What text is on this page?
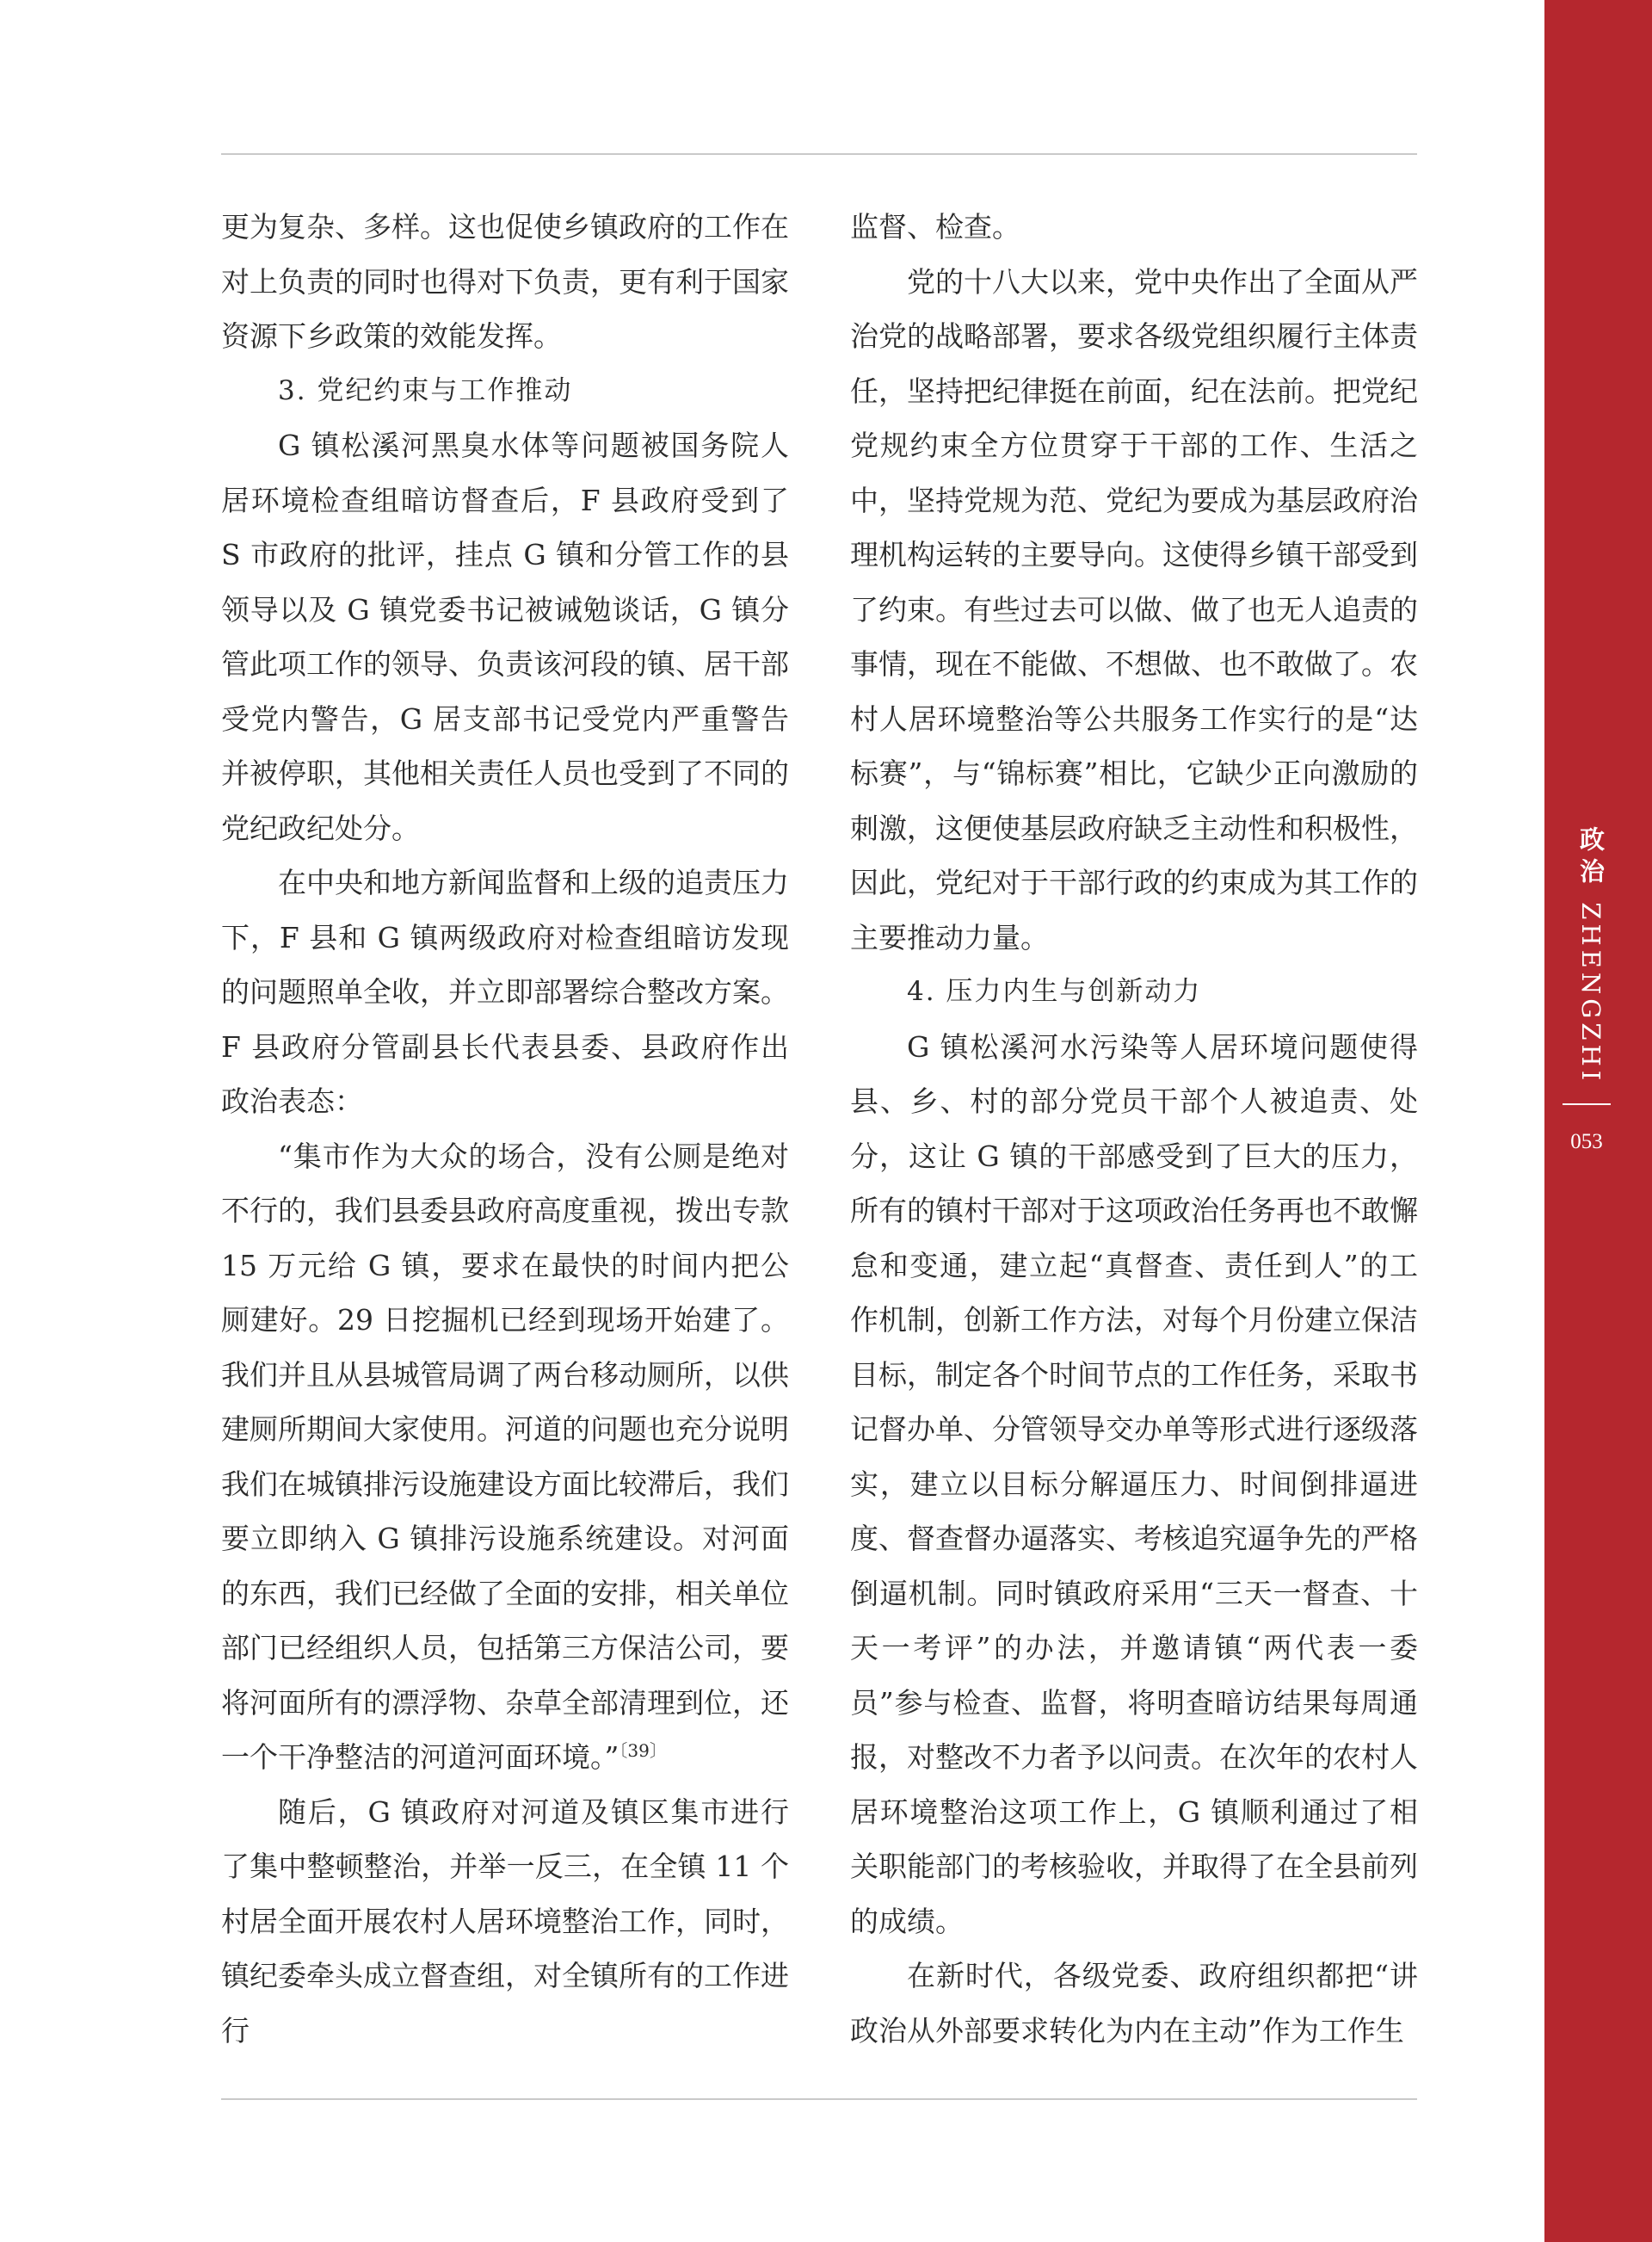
更为复杂、多样。这也促使乡镇政府的工作在对上负责的同时也得对下负责，更有利于国家资源下乡政策的效能发挥。

3. 党纪约束与工作推动

G 镇松溪河黑臭水体等问题被国务院人居环境检查组暗访督查后，F 县政府受到了 S 市政府的批评，挂点 G 镇和分管工作的县领导以及 G 镇党委书记被诫勉谈话，G 镇分管此项工作的领导、负责该河段的镇、居干部受党内警告，G 居支部书记受党内严重警告并被停职，其他相关责任人员也受到了不同的党纪政纪处分。

在中央和地方新闻监督和上级的追责压力下，F 县和 G 镇两级政府对检查组暗访发现的问题照单全收，并立即部署综合整改方案。F 县政府分管副县长代表县委、县政府作出政治表态：

“集市作为大众的场合，没有公厕是绝对不行的，我们县委县政府高度重视，拨出专款 15 万元给 G 镇，要求在最快的时间内把公厕建好。29 日挖掘机已经到现场开始建了。我们并且从县城管局调了两台移动厕所，以供建厕所期间大家使用。河道的问题也充分说明我们在城镇排污设施建设方面比较滞后，我们要立即纳入 G 镇排污设施系统建设。对河面的东西，我们已经做了全面的安排，相关单位部门已经组织人员，包括第三方保洁公司，要将河面所有的漂浮物、杂草全部清理到位，还一个干净整洁的河道河面环境。”$^{〔39〕}$

随后，G 镇政府对河道及镇区集市进行了集中整顿整治，并举一反三，在全镇 11 个村居全面开展农村人居环境整治工作，同时，镇纪委牵头成立督查组，对全镇所有的工作进行

监督、检查。

党的十八大以来，党中央作出了全面从严治党的战略部署，要求各级党组织履行主体责任，坚持把纪律挺在前面，纪在法前。把党纪党规约束全方位贯穿于干部的工作、生活之中，坚持党规为范、党纪为要成为基层政府治理机构运转的主要导向。这使得乡镇干部受到了约束。有些过去可以做、做了也无人追责的事情，现在不能做、不想做、也不敢做了。农村人居环境整治等公共服务工作实行的是“达标赛”，与“锦标赛”相比，它缺少正向激励的刺激，这便使基层政府缺乏主动性和积极性，因此，党纪对于干部行政的约束成为其工作的主要推动力量。

4. 压力内生与创新动力

G 镇松溪河水污染等人居环境问题使得县、乡、村的部分党员干部个人被追责、处分，这让 G 镇的干部感受到了巨大的压力，所有的镇村干部对于这项政治任务再也不敢懈怠和变通，建立起“真督查、责任到人”的工作机制，创新工作方法，对每个月份建立保洁目标，制定各个时间节点的工作任务，采取书记督办单、分管领导交办单等形式进行逐级落实，建立以目标分解逼压力、时间倒排逼进度、督查督办逼落实、考核追究逼争先的严格倒逼机制。同时镇政府采用“三天一督查、十天一考评”的办法，并邀请镇“两代表一委员”参与检查、监督，将明查暗访结果每周通报，对整改不力者予以问责。在次年的农村人居环境整治这项工作上，G 镇顺利通过了相关职能部门的考核验收，并取得了在全县前列的成绩。

在新时代，各级党委、政府组织都把“讲政治从外部要求转化为内在主动”作为工作生

政治 ZHENGZHI
053
